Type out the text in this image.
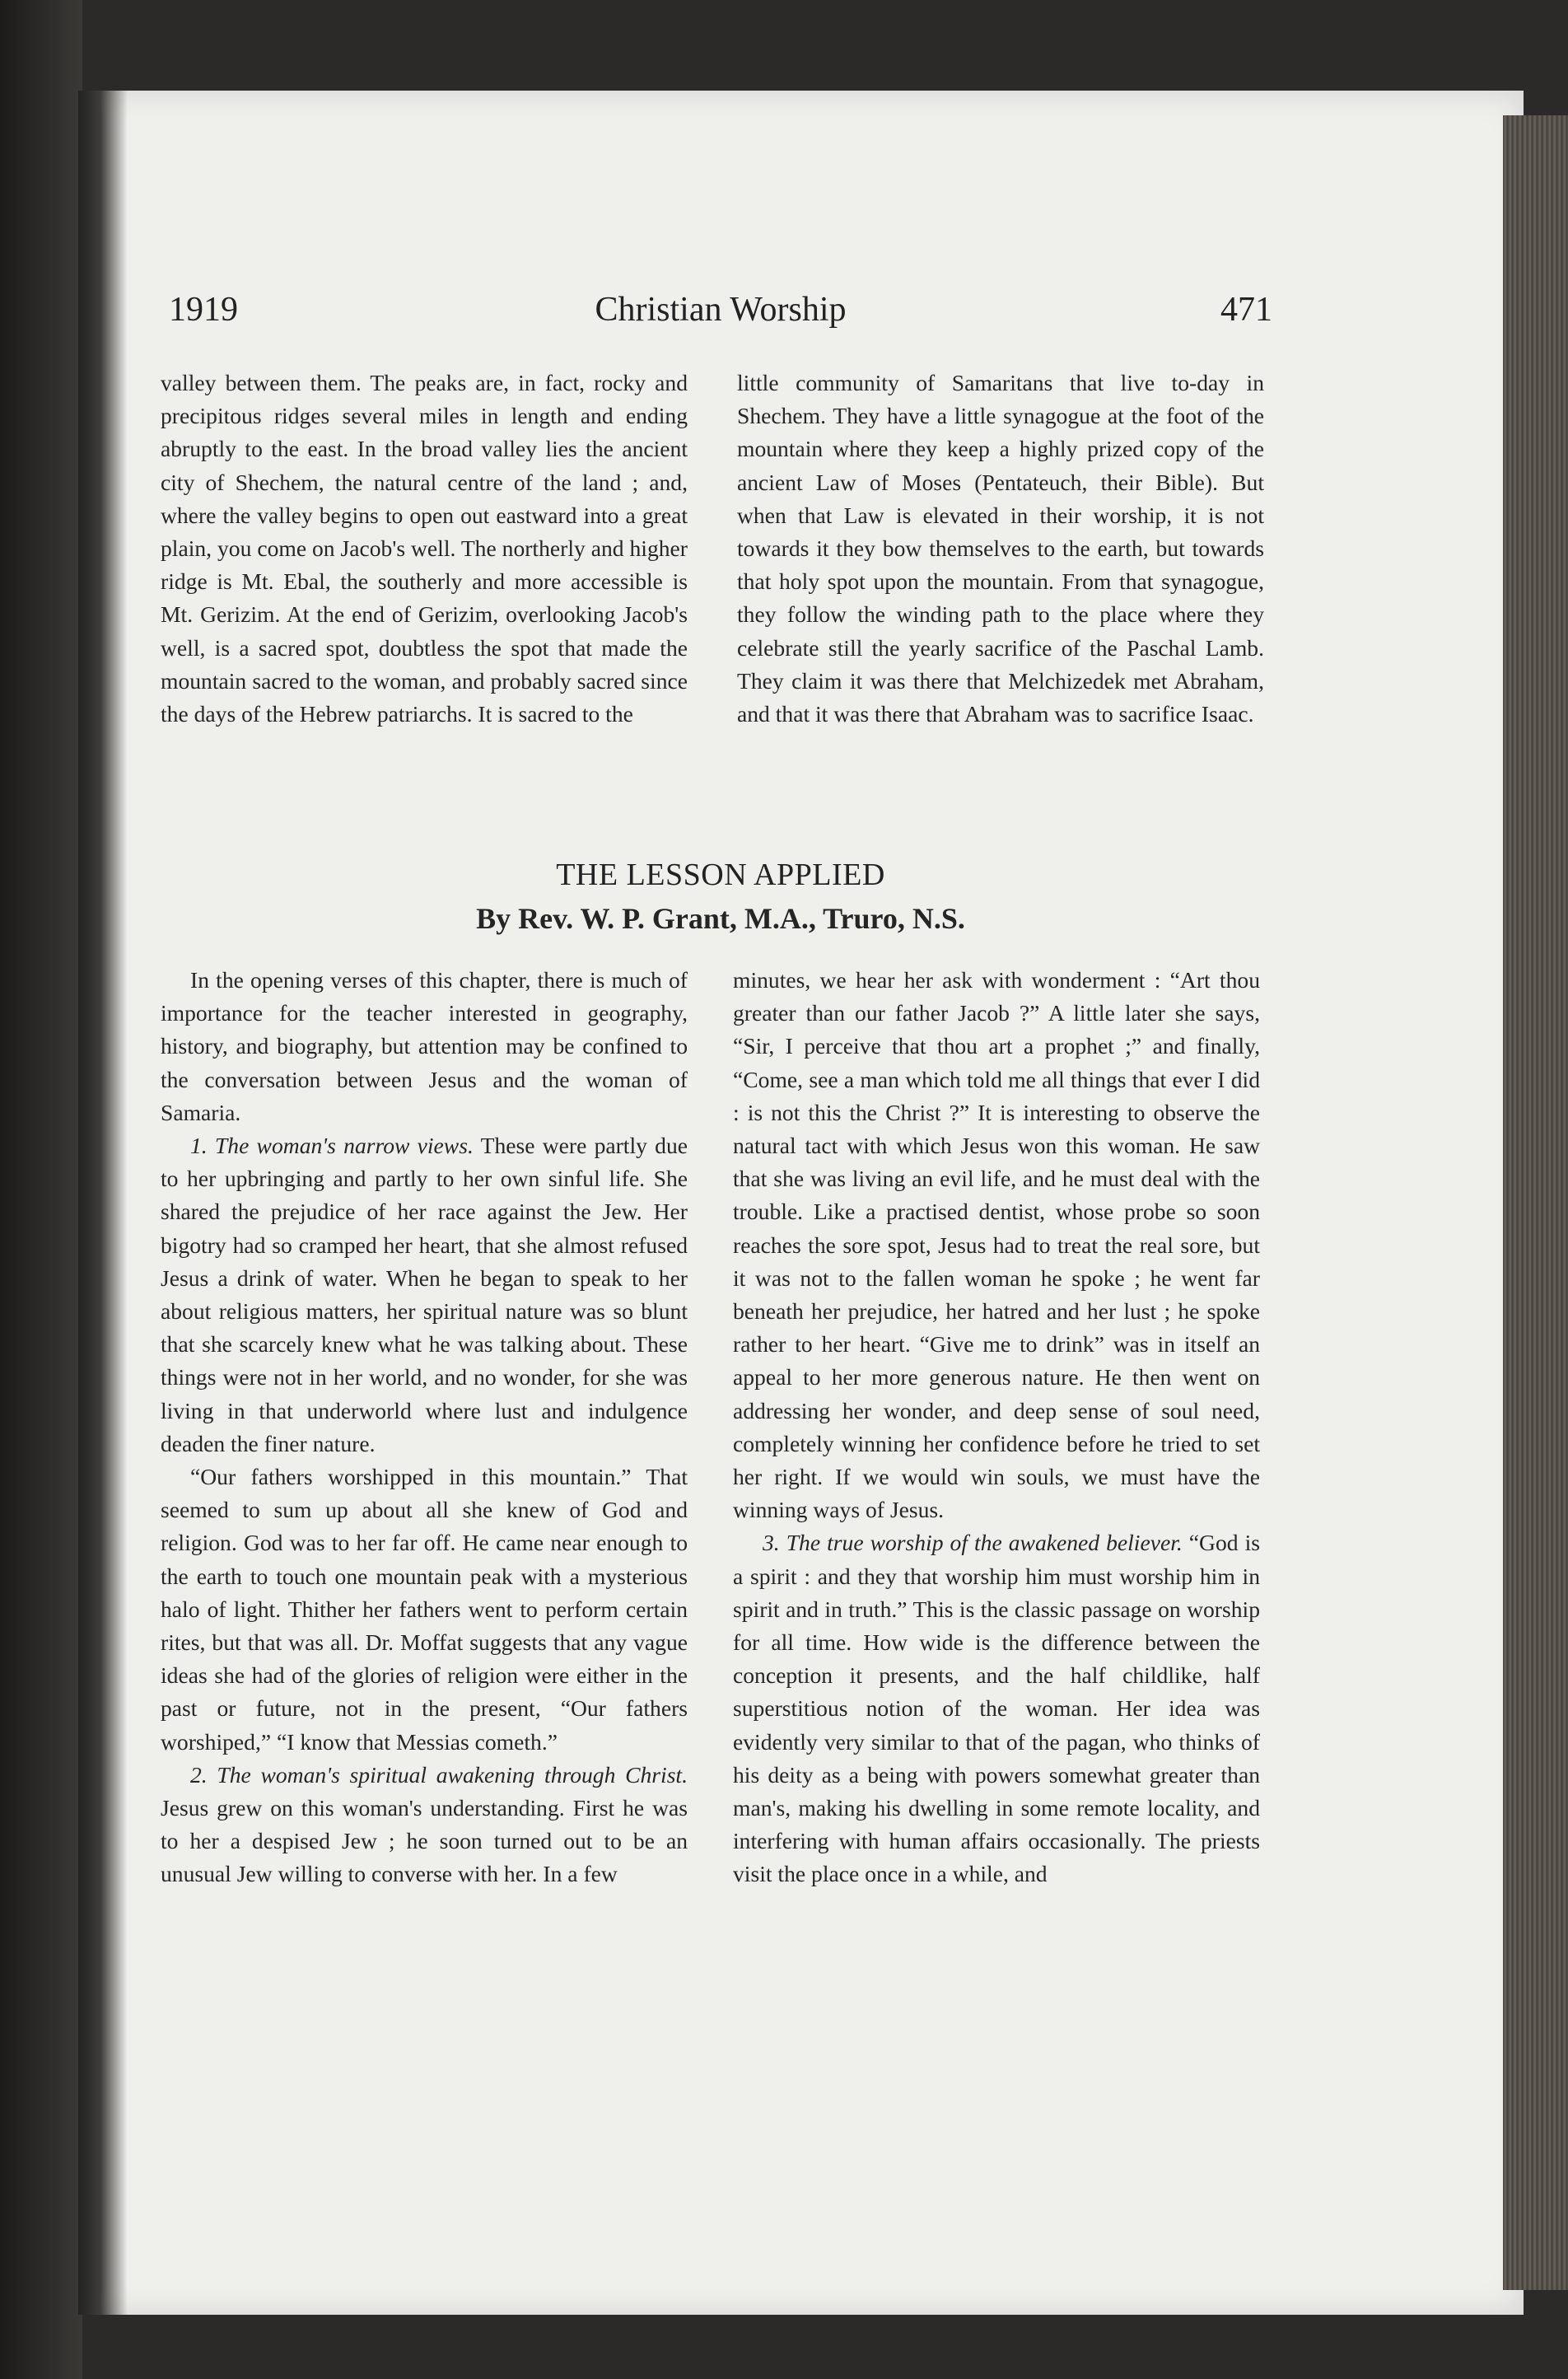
1919	Christian Worship	471

valley between them. The peaks are, in fact, rocky and precipitous ridges several miles in length and ending abruptly to the east. In the broad valley lies the ancient city of Shechem, the natural centre of the land ; and, where the valley begins to open out eastward into a great plain, you come on Jacob's well. The northerly and higher ridge is Mt. Ebal, the southerly and more accessible is Mt. Gerizim. At the end of Gerizim, overlooking Jacob's well, is a sacred spot, doubtless the spot that made the mountain sacred to the woman, and probably sacred since the days of the Hebrew patriarchs. It is sacred to the

little community of Samaritans that live to-day in Shechem. They have a little synagogue at the foot of the mountain where they keep a highly prized copy of the ancient Law of Moses (Pentateuch, their Bible). But when that Law is elevated in their worship, it is not towards it they bow themselves to the earth, but towards that holy spot upon the mountain. From that synagogue, they follow the winding path to the place where they celebrate still the yearly sacrifice of the Paschal Lamb. They claim it was there that Melchizedek met Abraham, and that it was there that Abraham was to sacrifice Isaac.

THE LESSON APPLIED
By Rev. W. P. Grant, M.A., Truro, N.S.

In the opening verses of this chapter, there is much of importance for the teacher interested in geography, history, and biography, but attention may be confined to the conversation between Jesus and the woman of Samaria.

1. The woman's narrow views. These were partly due to her upbringing and partly to her own sinful life. She shared the prejudice of her race against the Jew. Her bigotry had so cramped her heart, that she almost refused Jesus a drink of water. When he began to speak to her about religious matters, her spiritual nature was so blunt that she scarcely knew what he was talking about. These things were not in her world, and no wonder, for she was living in that underworld where lust and indulgence deaden the finer nature.

“Our fathers worshipped in this mountain.” That seemed to sum up about all she knew of God and religion. God was to her far off. He came near enough to the earth to touch one mountain peak with a mysterious halo of light. Thither her fathers went to perform certain rites, but that was all. Dr. Moffat suggests that any vague ideas she had of the glories of religion were either in the past or future, not in the present, “Our fathers worshiped,” “I know that Messias cometh.”

2. The woman's spiritual awakening through Christ. Jesus grew on this woman's understanding. First he was to her a despised Jew ; he soon turned out to be an unusual Jew willing to converse with her. In a few

minutes, we hear her ask with wonderment : “Art thou greater than our father Jacob ?” A little later she says, “Sir, I perceive that thou art a prophet ;” and finally, “Come, see a man which told me all things that ever I did : is not this the Christ ?” It is interesting to observe the natural tact with which Jesus won this woman. He saw that she was living an evil life, and he must deal with the trouble. Like a practised dentist, whose probe so soon reaches the sore spot, Jesus had to treat the real sore, but it was not to the fallen woman he spoke ; he went far beneath her prejudice, her hatred and her lust ; he spoke rather to her heart. “Give me to drink” was in itself an appeal to her more generous nature. He then went on addressing her wonder, and deep sense of soul need, completely winning her confidence before he tried to set her right. If we would win souls, we must have the winning ways of Jesus.

3. The true worship of the awakened believer. “God is a spirit : and they that worship him must worship him in spirit and in truth.” This is the classic passage on worship for all time. How wide is the difference between the conception it presents, and the half childlike, half superstitious notion of the woman. Her idea was evidently very similar to that of the pagan, who thinks of his deity as a being with powers somewhat greater than man's, making his dwelling in some remote locality, and interfering with human affairs occasionally. The priests visit the place once in a while, and
